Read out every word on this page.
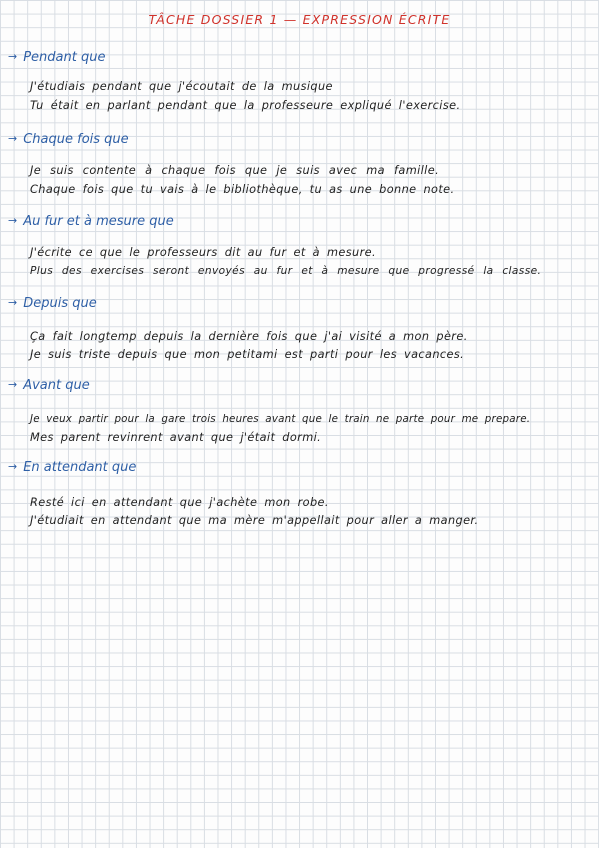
TÂCHE DOSSIER 1 — EXPRESSION ÉCRITE
→ Pendant que
J'étudiais pendant que j'écoutait de la musique
Tu était en parlant pendant que la professeure expliqué l'exercise.
→ Chaque fois que
Je suis contente à chaque fois que je suis avec ma famille.
Chaque fois que tu vais à le bibliothèque, tu as une bonne note.
→ Au fur et à mesure que
J'écrite ce que le professeurs dit au fur et à mesure.
Plus des exercises seront envoyés au fur et à mesure que progressé la classe.
→ Depuis que
Ça fait longtemp depuis la dernière fois que j'ai visité a mon père.
Je suis triste depuis que mon petitami est parti pour les vacances.
→ Avant que
Je veux partir pour la gare trois heures avant que le train ne parte pour me prepare.
Mes parent revinrent avant que j'était dormi.
→ En attendant que
Resté ici en attendant que j'achète mon robe.
J'étudiait en attendant que ma mère m'appellait pour aller a manger.
